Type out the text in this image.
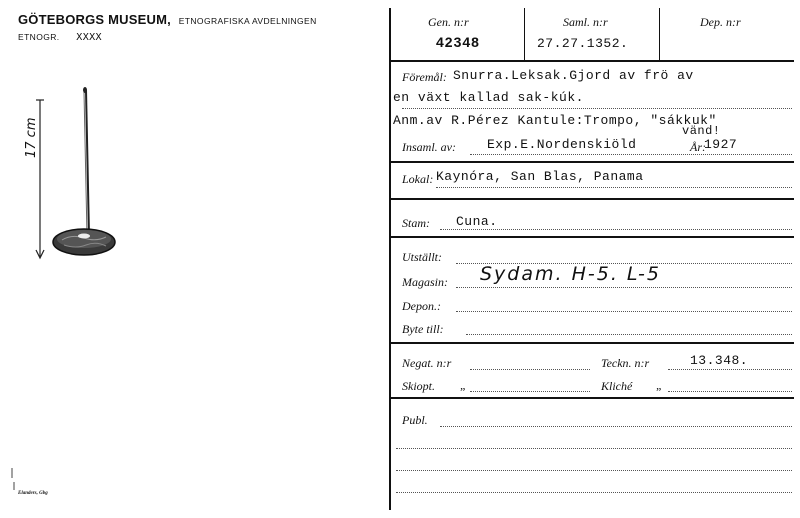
GÖTEBORGS MUSEUM, ETNOGRAFISKA AVDELNINGEN
ETNOGR. XXXX
17 cm
Elanders, Gbg
Gen. n:r
42348
Saml. n:r
27.27.1352.
Dep. n:r
Föremål: Snurra.Leksak.Gjord av frö av
en växt kallad sak-kúk.
Anm.av R.Pérez Kantule:Trompo, "sákkuk"
vänd!
Insaml. av: Exp.E.Nordenskiöld	År:
1927
Lokal: Kaynóra, San Blas, Panama
Stam: Cuna.
Utställt:
Magasin: Sydam. H-5. L-5
Depon.:
Byte till:
Negat. n:r	Teckn. n:r	13.348.
Skiopt. „	Kliché „
Publ.
